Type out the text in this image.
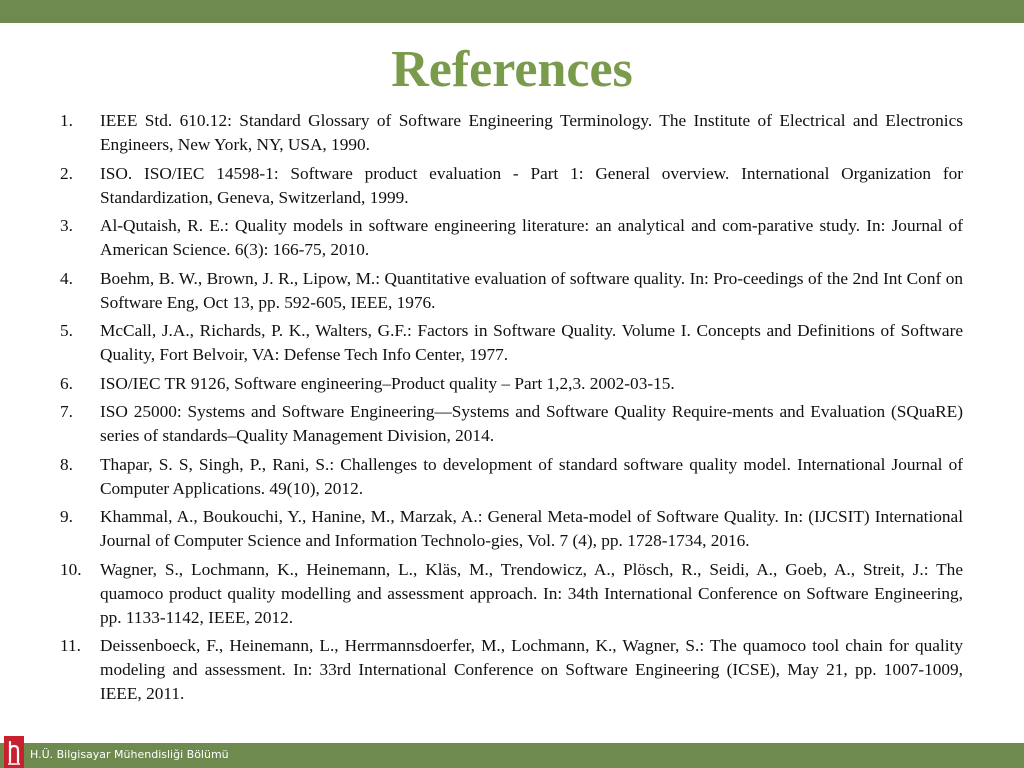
References
1.	IEEE Std. 610.12: Standard Glossary of Software Engineering Terminology. The Institute of Electrical and Electronics Engineers, New York, NY, USA, 1990.
2.	ISO. ISO/IEC 14598-1: Software product evaluation - Part 1: General overview. International Organization for Standardization, Geneva, Switzerland, 1999.
3.	Al-Qutaish, R. E.: Quality models in software engineering literature: an analytical and com-parative study. In: Journal of American Science. 6(3): 166-75, 2010.
4.	Boehm, B. W., Brown, J. R., Lipow, M.: Quantitative evaluation of software quality. In: Pro-ceedings of the 2nd Int Conf on Software Eng, Oct 13, pp. 592-605, IEEE, 1976.
5.	McCall, J.A., Richards, P. K., Walters, G.F.: Factors in Software Quality. Volume I. Concepts and Definitions of Software Quality, Fort Belvoir, VA: Defense Tech Info Center, 1977.
6.	ISO/IEC TR 9126, Software engineering–Product quality – Part 1,2,3. 2002-03-15.
7.	ISO 25000: Systems and Software Engineering—Systems and Software Quality Require-ments and Evaluation (SQuaRE) series of standards–Quality Management Division, 2014.
8.	Thapar, S. S, Singh, P., Rani, S.: Challenges to development of standard software quality model. International Journal of Computer Applications. 49(10), 2012.
9.	Khammal, A., Boukouchi, Y., Hanine, M., Marzak, A.: General Meta-model of Software Quality. In: (IJCSIT) International Journal of Computer Science and Information Technolo-gies, Vol. 7 (4), pp. 1728-1734, 2016.
10.	Wagner, S., Lochmann, K., Heinemann, L., Kläs, M., Trendowicz, A., Plösch, R., Seidi, A., Goeb, A., Streit, J.: The quamoco product quality modelling and assessment approach. In: 34th International Conference on Software Engineering, pp. 1133-1142, IEEE, 2012.
11.	Deissenboeck, F., Heinemann, L., Herrmannsdoerfer, M., Lochmann, K., Wagner, S.: The quamoco tool chain for quality modeling and assessment. In: 33rd International Conference on Software Engineering (ICSE), May 21, pp. 1007-1009, IEEE, 2011.
H.Ü. Bilgisayar Mühendisliği Bölümü
